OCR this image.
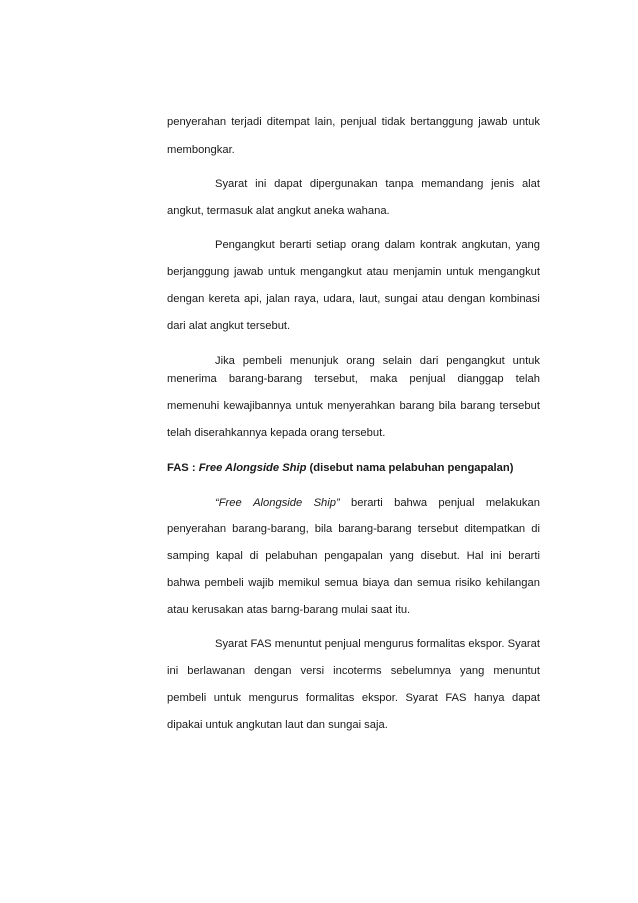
penyerahan terjadi ditempat lain, penjual tidak bertanggung jawab untuk
membongkar.
Syarat ini dapat dipergunakan tanpa memandang jenis alat
angkut, termasuk alat angkut aneka wahana.
Pengangkut berarti setiap orang dalam kontrak angkutan, yang
berjanggung jawab untuk mengangkut atau menjamin untuk mengangkut
dengan kereta api, jalan raya, udara, laut, sungai atau dengan kombinasi
dari alat angkut tersebut.
Jika pembeli menunjuk orang selain dari pengangkut untuk
menerima barang-barang tersebut, maka penjual dianggap telah
memenuhi kewajibannya untuk menyerahkan barang bila barang tersebut
telah diserahkannya kepada orang tersebut.
FAS : Free Alongside Ship (disebut nama pelabuhan pengapalan)
“Free Alongside Ship” berarti bahwa penjual melakukan
penyerahan barang-barang, bila barang-barang tersebut ditempatkan di
samping kapal di pelabuhan pengapalan yang disebut. Hal ini berarti
bahwa pembeli wajib memikul semua biaya dan semua risiko kehilangan
atau kerusakan atas barng-barang mulai saat itu.
Syarat FAS menuntut penjual mengurus formalitas ekspor. Syarat
ini berlawanan dengan versi incoterms sebelumnya yang menuntut
pembeli untuk mengurus formalitas ekspor. Syarat FAS hanya dapat
dipakai untuk angkutan laut dan sungai saja.
